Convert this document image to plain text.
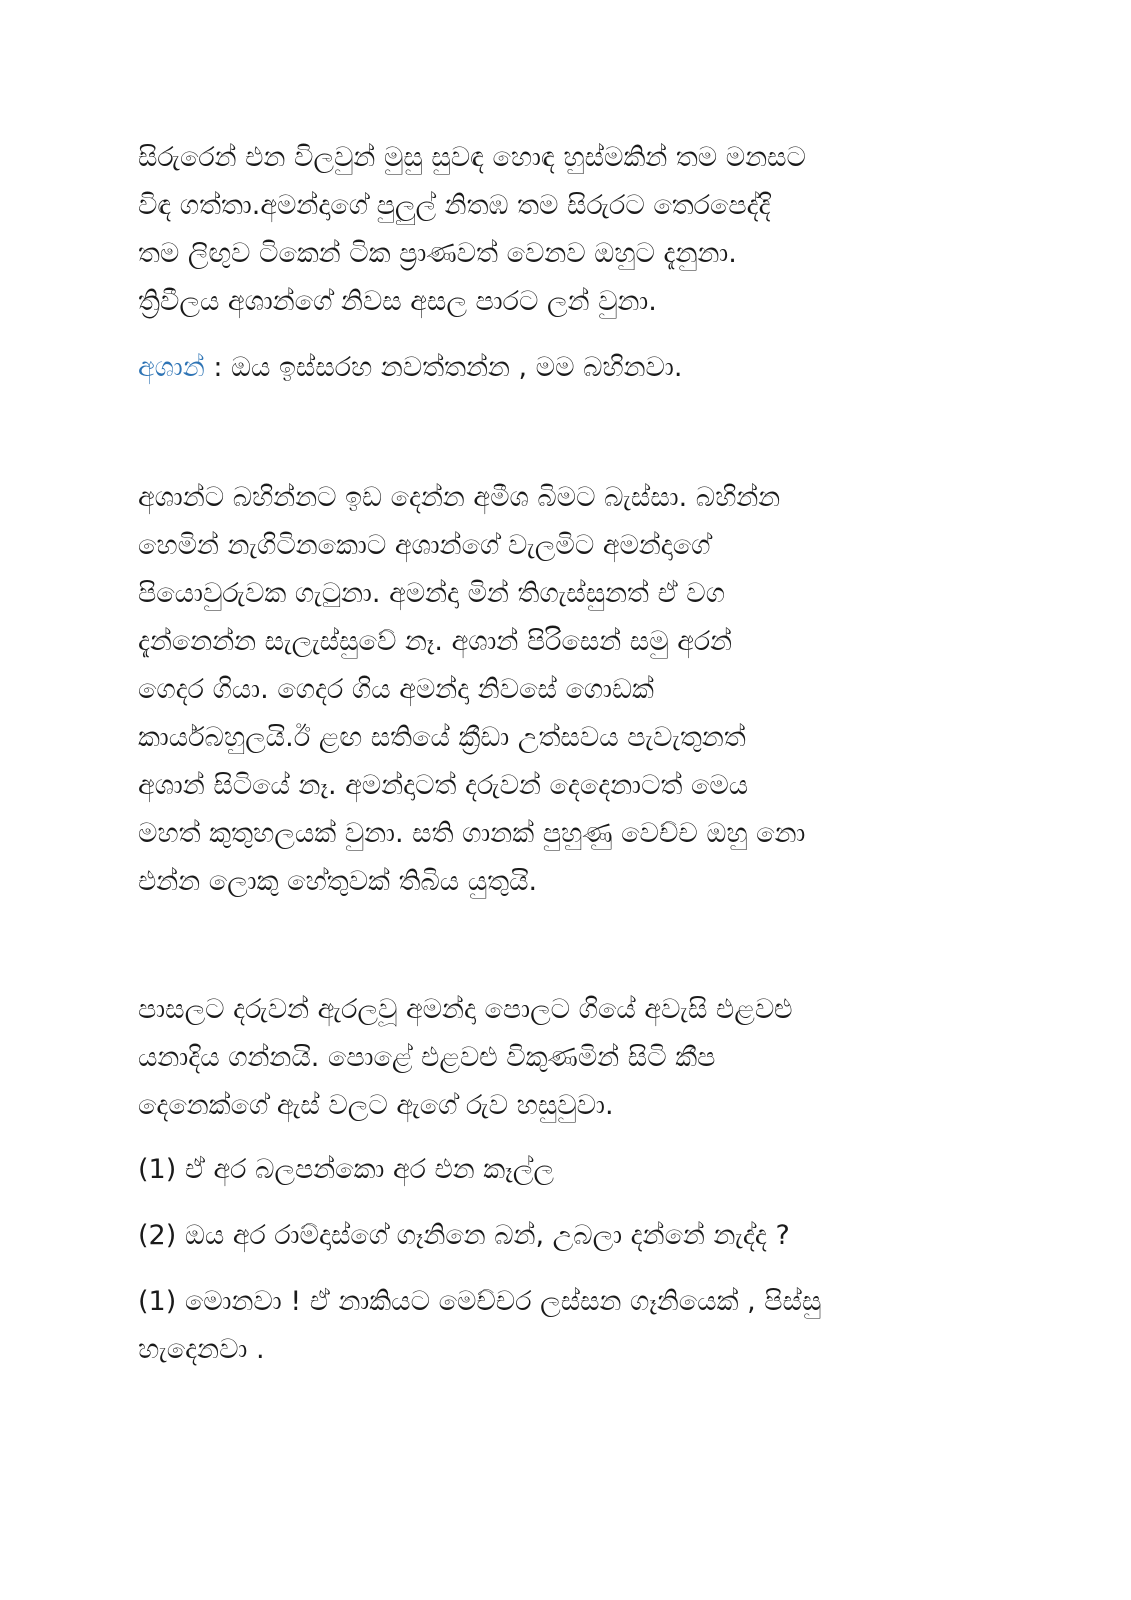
සිරුරෙන් එන විලවුන් මුසු සුවඳ හොඳ හුස්මකින් තම මනසට
විඳ ගත්තා.අමන්දාගේ පුලුල් නිතඹ තම සිරුරට තෙරපෙද්දි
තම ලිඟුව ටිකෙන් ටික ප්‍රාණවත් වෙනව ඔහුට දැනුනා.
ත්‍රිවීලය අශාන්ගේ නිවස අසල පාරට ලන් වුනා.
අශාන් : ඔය ඉස්සරහ නවත්තන්න , මම බහිනවා.
අශාන්ට බහින්නට ඉඩ දෙන්න අමීශ බිමට බැස්සා. බහින්න
හෙමින් නැගිටිනකොට අශාන්ගේ වැලමිට අමන්දාගේ
පියොවුරුවක ගැටුනා. අමන්දා මින් තිගැස්සුනත් ඒ වග
දැන්නෙන්න සැලැස්සුවේ නෑ. අශාන් පිරිසෙන් සමු අරන්
ගෙදර ගියා. ගෙදර ගිය අමන්දා නිවසේ ගොඩක්
කාර්යබහුලයි.ඊ ළඟ සතියේ ක්‍රීඩා උත්සවය පැවැතුනත්
අශාන් සිටියේ නෑ. අමන්දාටත් දරුවන් දෙදෙනාටත් මෙය
මහත් කුතුහලයක් වුනා. සති ගානක් පුහුණු වෙච්ච ඔහු නො
එන්න ලොකු හේතුවක් තිබිය යුතුයි.
පාසලට දරුවන් ඇරලවූ අමන්දා පොලට ගියේ අවැසි එළවළු
යනාදිය ගන්නයි. පොළේ එළවළු විකුණමින් සිටි කීප
දෙනෙක්ගේ ඇස් වලට ඇගේ රුව හසුවුවා.
(1) ඒ අර බලපන්කො අර එන කෑල්ල
(2) ඔය අර රාම්දාස්ගේ ගෑනිනෙ බන්, උබලා දන්නේ නැද්ද ?
(1) මොනවා ! ඒ නාකියට මෙච්චර ලස්සන ගෑනියෙක් , පිස්සු
හැදෙනවා .
